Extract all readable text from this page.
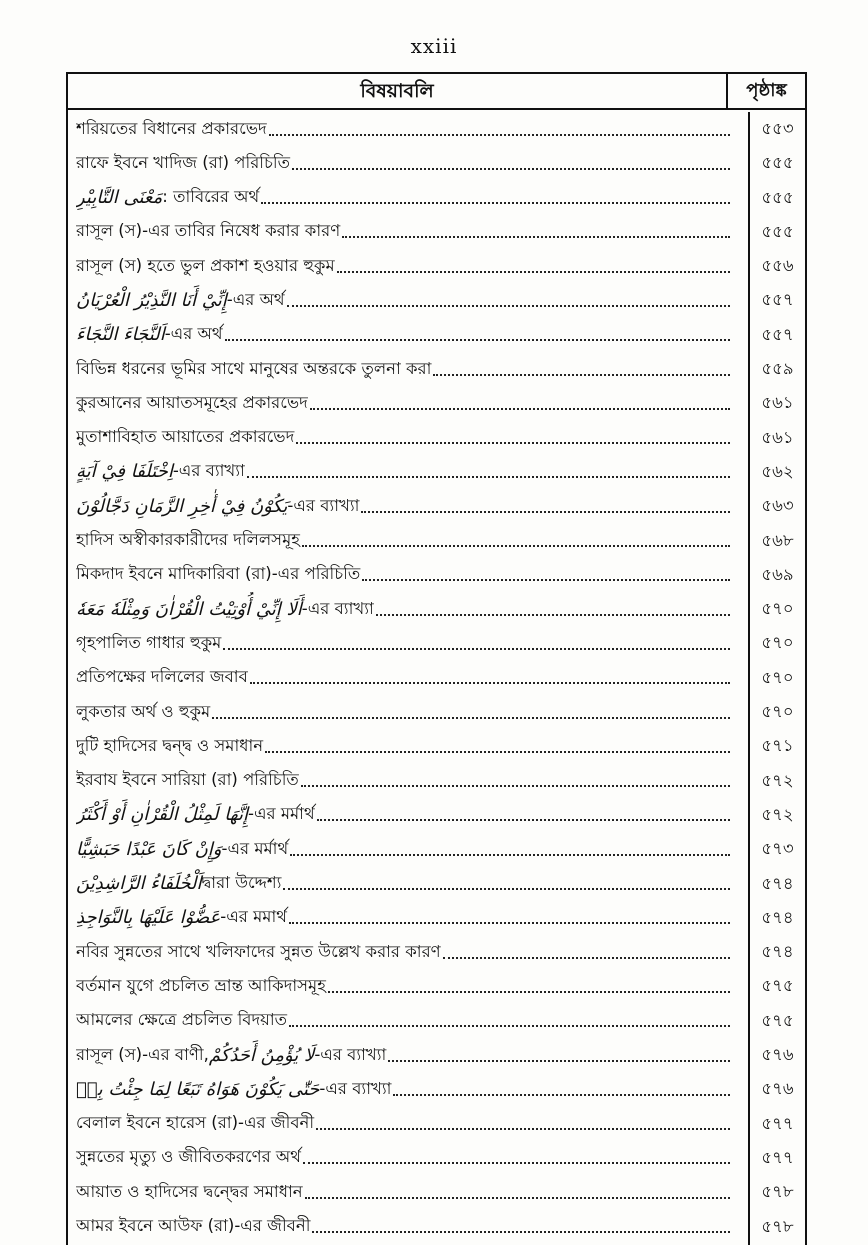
xxiii
বিষয়াবলি	পৃষ্ঠাঙ্ক
শরিয়তের বিধানের প্রকারভেদ	৫৫৩
রাফে ইবনে খাদিজ (রা) পরিচিতি	৫৫৫
مَعْنَى التَّابِيْرِ : তাবিরের অর্থ	৫৫৫
রাসূল (স)-এর তাবির নিষেধ করার কারণ	৫৫৫
রাসূল (স) হতে ভুল প্রকাশ হওয়ার হুকুম	৫৫৬
إِنِّيْ أَنَا النَّذِيْرُ الْعُرْيَانُ -এর অর্থ	৫৫৭
اَلنَّجَاءَ النَّجَاءَ -এর অর্থ	৫৫৭
বিভিন্ন ধরনের ভূমির সাথে মানুষের অন্তরকে তুলনা করা	৫৫৯
কুরআনের আয়াতসমূহের প্রকারভেদ	৫৬১
মুতাশাবিহাত আয়াতের প্রকারভেদ	৫৬১
اِخْتَلَفَا فِيْ آيَةٍ -এর ব্যাখ্যা	৫৬২
يَكُوْنُ فِيْ أٰخِرِ الزَّمَانِ دَجَّالُوْنَ -এর ব্যাখ্যা	৫৬৩
হাদিস অস্বীকারকারীদের দলিলসমূহ	৫৬৮
মিকদাদ ইবনে মাদিকারিবা (রা)-এর পরিচিতি	৫৬৯
أَلَا إِنِّيْ أُوْتِيْتُ الْقُرْاٰنَ وَمِثْلَهٗ مَعَهٗ -এর ব্যাখ্যা	৫৭০
গৃহপালিত গাধার হুকুম	৫৭০
প্রতিপক্ষের দলিলের জবাব	৫৭০
লুকতার অর্থ ও হুকুম	৫৭০
দুটি হাদিসের দ্বন্দ্ব ও সমাধান	৫৭১
ইরবায ইবনে সারিয়া (রা) পরিচিতি	৫৭২
إِنَّهَا لَمِثْلُ الْقُرْاٰنِ أَوْ أَكْثَرُ -এর মর্মার্থ	৫৭২
وَإِنْ كَانَ عَبْدًا حَبَشِيًّا -এর মর্মার্থ	৫৭৩
اَلْخُلَفَاءُ الرَّاشِدِيْنَ দ্বারা উদ্দেশ্য	৫৭৪
عَضُّوْا عَلَيْهَا بِالنَّوَاجِذِ -এর মমার্থ	৫৭৪
নবির সুন্নতের সাথে খলিফাদের সুন্নত উল্লেখ করার কারণ	৫৭৪
বর্তমান যুগে প্রচলিত ভ্রান্ত আকিদাসমূহ	৫৭৫
আমলের ক্ষেত্রে প্রচলিত বিদয়াত	৫৭৫
রাসূল (স)-এর বাণী, لَا يُؤْمِنُ أَحَدُكُمْ -এর ব্যাখ্যা	৫৭৬
حَتّٰى يَكُوْنَ هَوَاهُ تَبَعًا لِمَا جِئْتُ بِهٖ -এর ব্যাখ্যা	৫৭৬
বেলাল ইবনে হারেস (রা)-এর জীবনী	৫৭৭
সুন্নতের মৃত্যু ও জীবিতকরণের অর্থ	৫৭৭
আয়াত ও হাদিসের দ্বন্দ্বের সমাধান	৫৭৮
আমর ইবনে আউফ (রা)-এর জীবনী	৫৭৮
